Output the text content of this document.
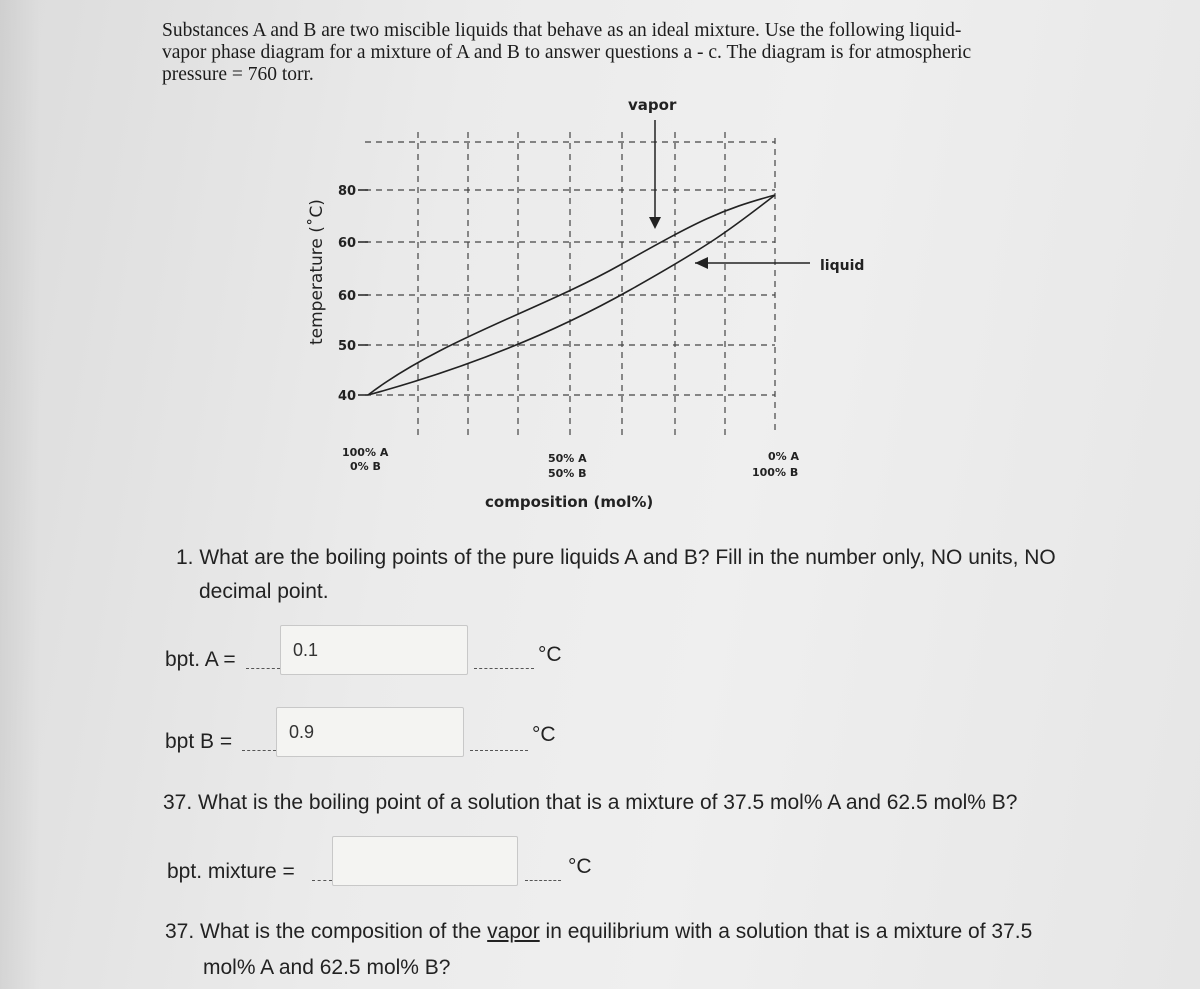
Substances A and B are two miscible liquids that behave as an ideal mixture. Use the following liquid-
vapor phase diagram for a mixture of A and B to answer questions a - c. The diagram is for atmospheric
pressure = 760 torr.
vapor
liquid
temperature (˚C)
80
60
60
50
40
100% A
0% B
50% A
50% B
0% A
100% B
composition (mol%)
1. What are the boiling points of the pure liquids A and B? Fill in the number only, NO units, NO
decimal point.
bpt. A =	0.1	°C
bpt B =	0.9	°C
37. What is the boiling point of a solution that is a mixture of 37.5 mol% A and 62.5 mol% B?
bpt. mixture =	°C
37. What is the composition of the vapor in equilibrium with a solution that is a mixture of 37.5
mol% A and 62.5 mol% B?
